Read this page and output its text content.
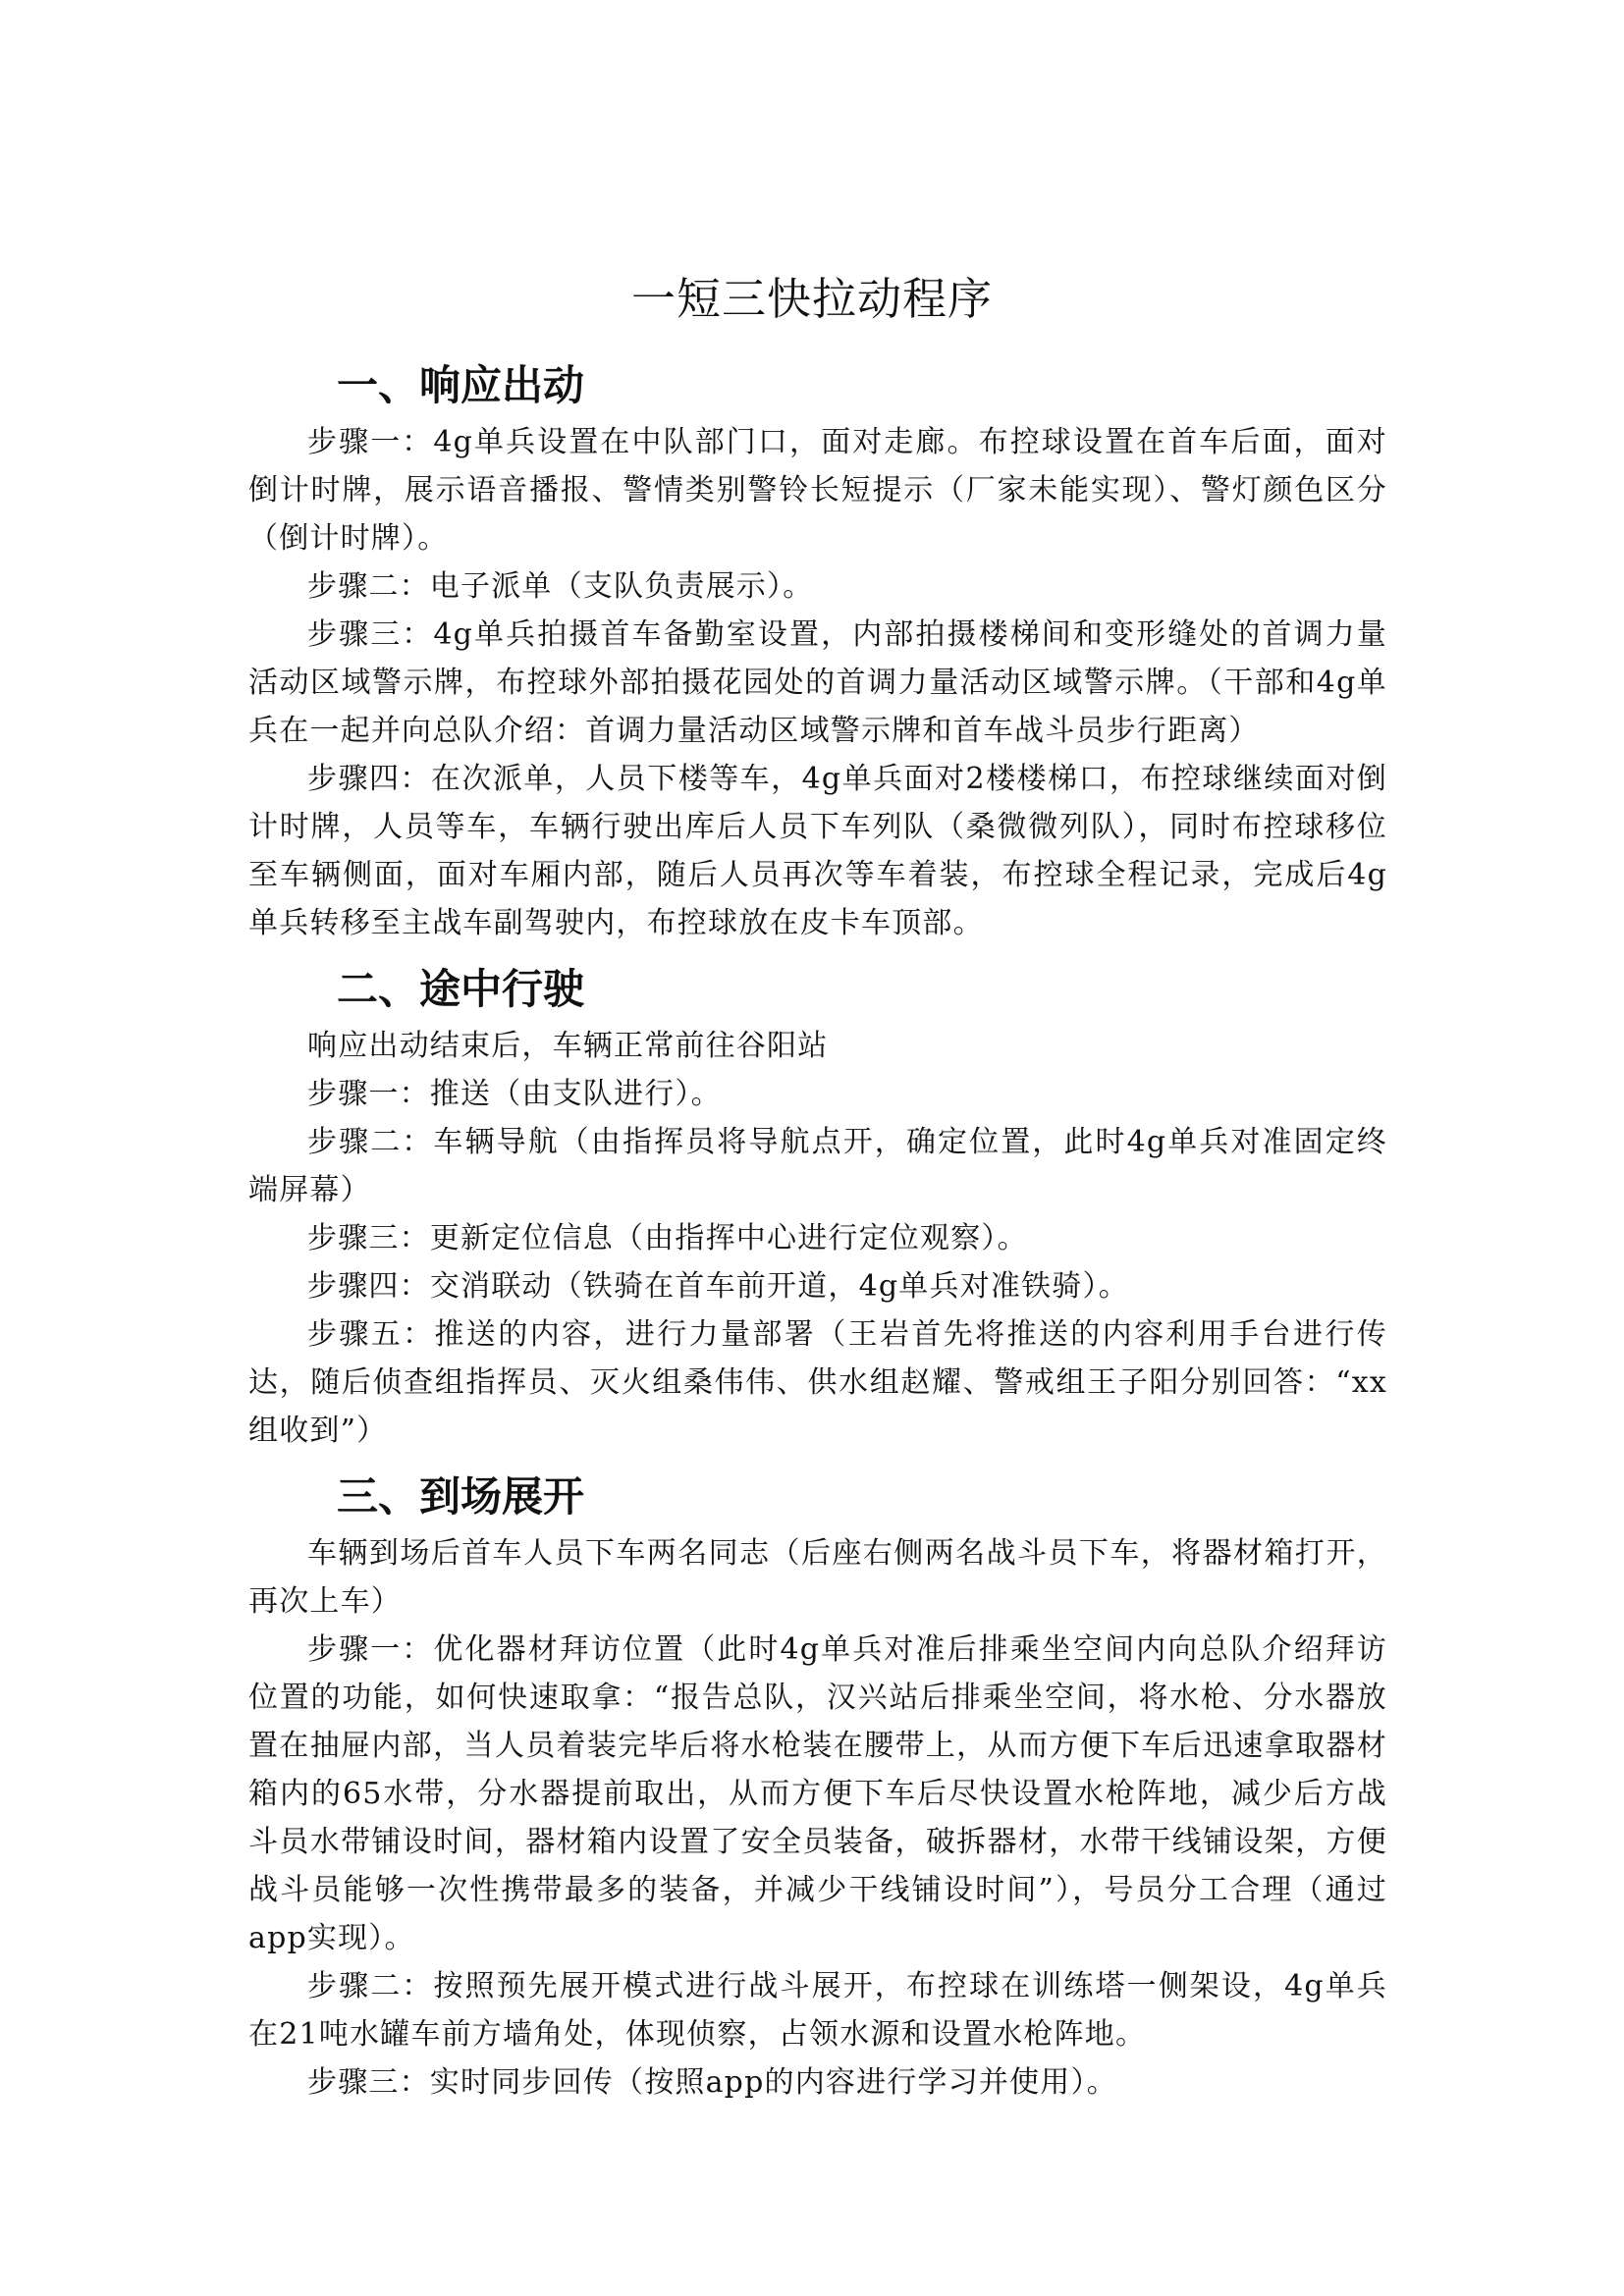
一短三快拉动程序
一、响应出动

步骤一：4g单兵设置在中队部门口，面对走廊。布控球设置在首车后面，面对倒计时牌，展示语音播报、警情类别警铃长短提示（厂家未能实现）、警灯颜色区分（倒计时牌）。

步骤二：电子派单（支队负责展示）。

步骤三：4g单兵拍摄首车备勤室设置，内部拍摄楼梯间和变形缝处的首调力量活动区域警示牌，布控球外部拍摄花园处的首调力量活动区域警示牌。（干部和4g单兵在一起并向总队介绍：首调力量活动区域警示牌和首车战斗员步行距离）

步骤四：在次派单，人员下楼等车，4g单兵面对2楼楼梯口，布控球继续面对倒计时牌，人员等车，车辆行驶出库后人员下车列队（桑微微列队），同时布控球移位至车辆侧面，面对车厢内部，随后人员再次等车着装，布控球全程记录，完成后4g单兵转移至主战车副驾驶内，布控球放在皮卡车顶部。

二、途中行驶

响应出动结束后，车辆正常前往谷阳站

步骤一：推送（由支队进行）。

步骤二：车辆导航（由指挥员将导航点开，确定位置，此时4g单兵对准固定终端屏幕）

步骤三：更新定位信息（由指挥中心进行定位观察）。

步骤四：交消联动（铁骑在首车前开道，4g单兵对准铁骑）。

步骤五：推送的内容，进行力量部署（王岩首先将推送的内容利用手台进行传达，随后侦查组指挥员、灭火组桑伟伟、供水组赵耀、警戒组王子阳分别回答：“xx组收到”）

三、到场展开

车辆到场后首车人员下车两名同志（后座右侧两名战斗员下车，将器材箱打开，再次上车）

步骤一：优化器材拜访位置（此时4g单兵对准后排乘坐空间内向总队介绍拜访位置的功能，如何快速取拿：“报告总队，汉兴站后排乘坐空间，将水枪、分水器放置在抽屉内部，当人员着装完毕后将水枪装在腰带上，从而方便下车后迅速拿取器材箱内的65水带，分水器提前取出，从而方便下车后尽快设置水枪阵地，减少后方战斗员水带铺设时间，器材箱内设置了安全员装备，破拆器材，水带干线铺设架，方便战斗员能够一次性携带最多的装备，并减少干线铺设时间”），号员分工合理（通过app实现）。

步骤二：按照预先展开模式进行战斗展开，布控球在训练塔一侧架设，4g单兵在21吨水罐车前方墙角处，体现侦察，占领水源和设置水枪阵地。

步骤三：实时同步回传（按照app的内容进行学习并使用）。
